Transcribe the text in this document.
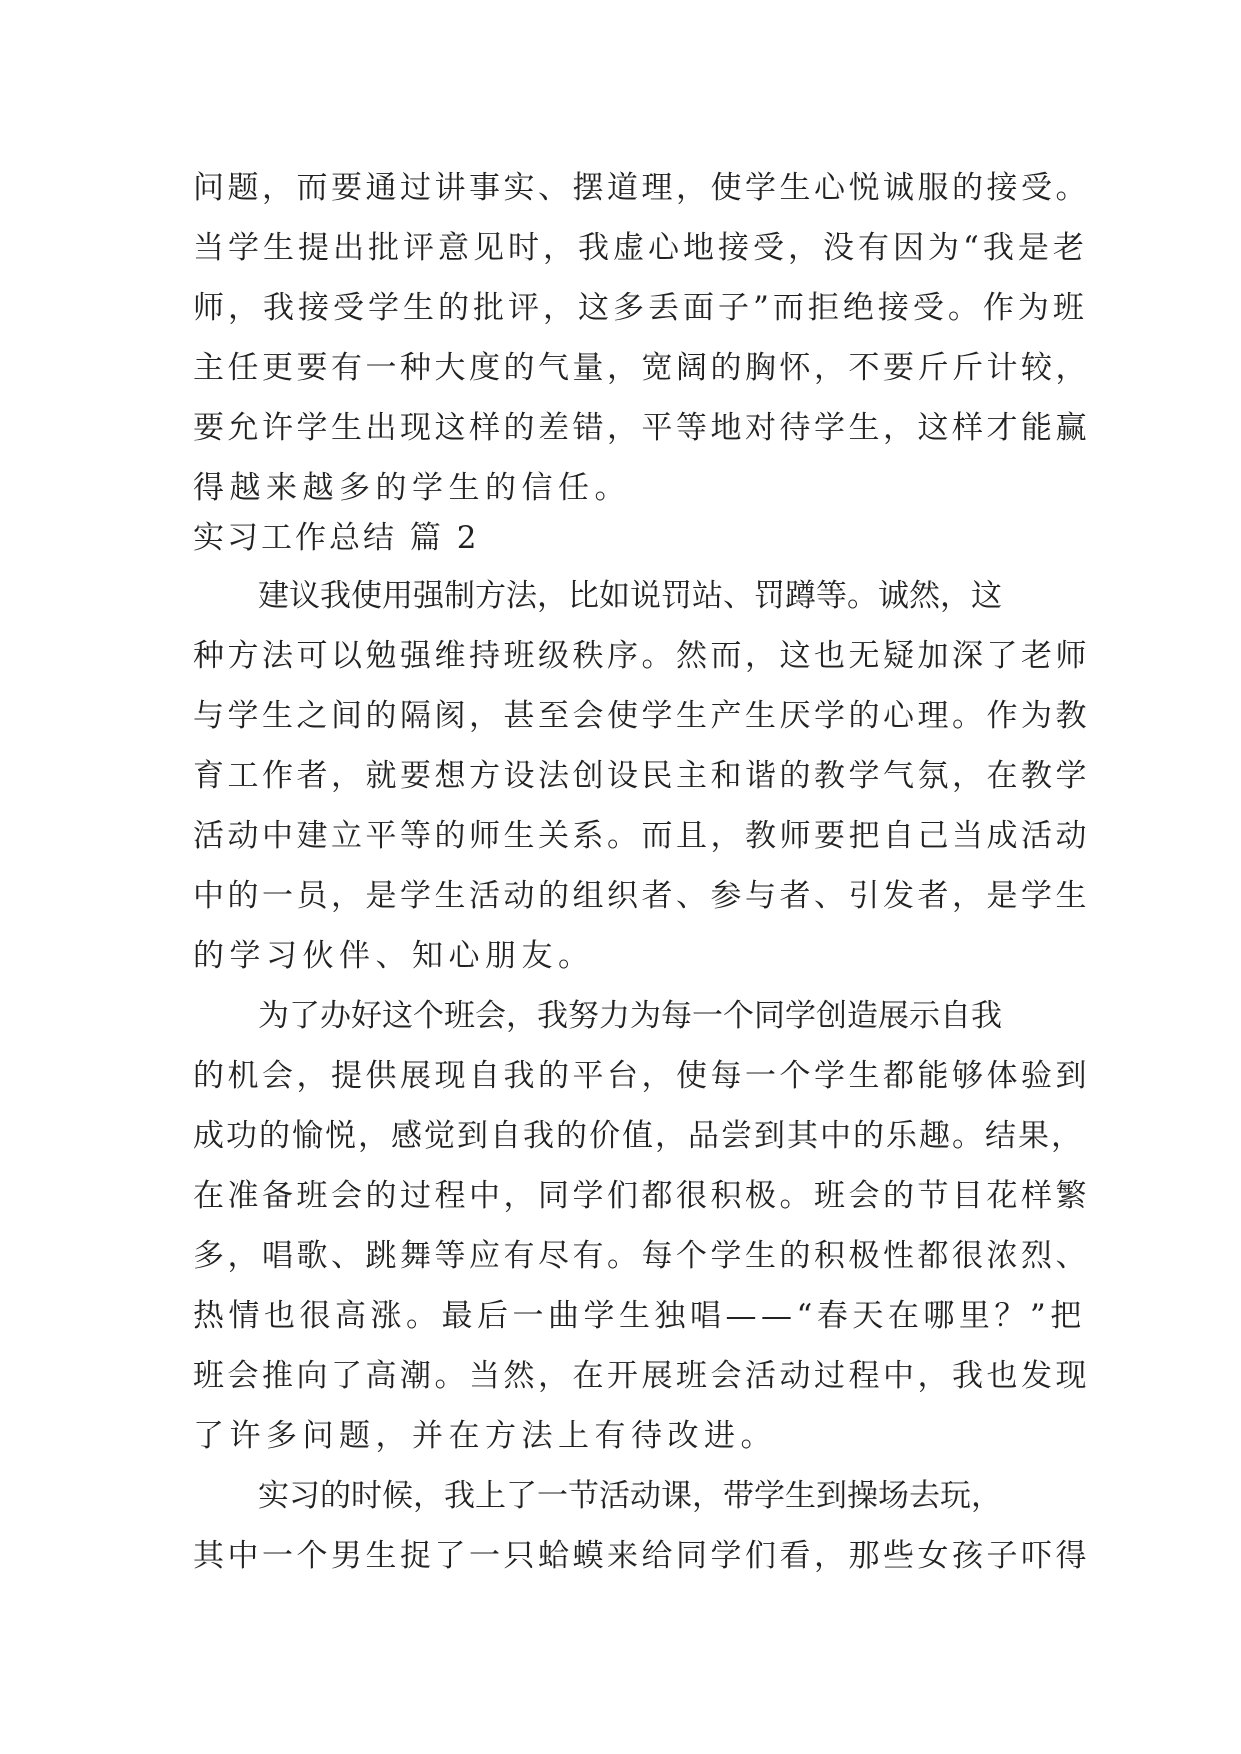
问题，而要通过讲事实、摆道理，使学生心悦诚服的接受。
当学生提出批评意见时，我虚心地接受，没有因为“我是老
师，我接受学生的批评，这多丢面子”而拒绝接受。作为班
主任更要有一种大度的气量，宽阔的胸怀，不要斤斤计较，
要允许学生出现这样的差错，平等地对待学生，这样才能赢
得越来越多的学生的信任。
实习工作总结 篇 2
建议我使用强制方法，比如说罚站、罚蹲等。诚然，这
种方法可以勉强维持班级秩序。然而，这也无疑加深了老师
与学生之间的隔阂，甚至会使学生产生厌学的心理。作为教
育工作者，就要想方设法创设民主和谐的教学气氛，在教学
活动中建立平等的师生关系。而且，教师要把自己当成活动
中的一员，是学生活动的组织者、参与者、引发者，是学生
的学习伙伴、知心朋友。
为了办好这个班会，我努力为每一个同学创造展示自我
的机会，提供展现自我的平台，使每一个学生都能够体验到
成功的愉悦，感觉到自我的价值，品尝到其中的乐趣。结果，
在准备班会的过程中，同学们都很积极。班会的节目花样繁
多，唱歌、跳舞等应有尽有。每个学生的积极性都很浓烈、
热情也很高涨。最后一曲学生独唱——“春天在哪里？”把
班会推向了高潮。当然，在开展班会活动过程中，我也发现
了许多问题，并在方法上有待改进。
实习的时候，我上了一节活动课，带学生到操场去玩，
其中一个男生捉了一只蛤蟆来给同学们看，那些女孩子吓得
